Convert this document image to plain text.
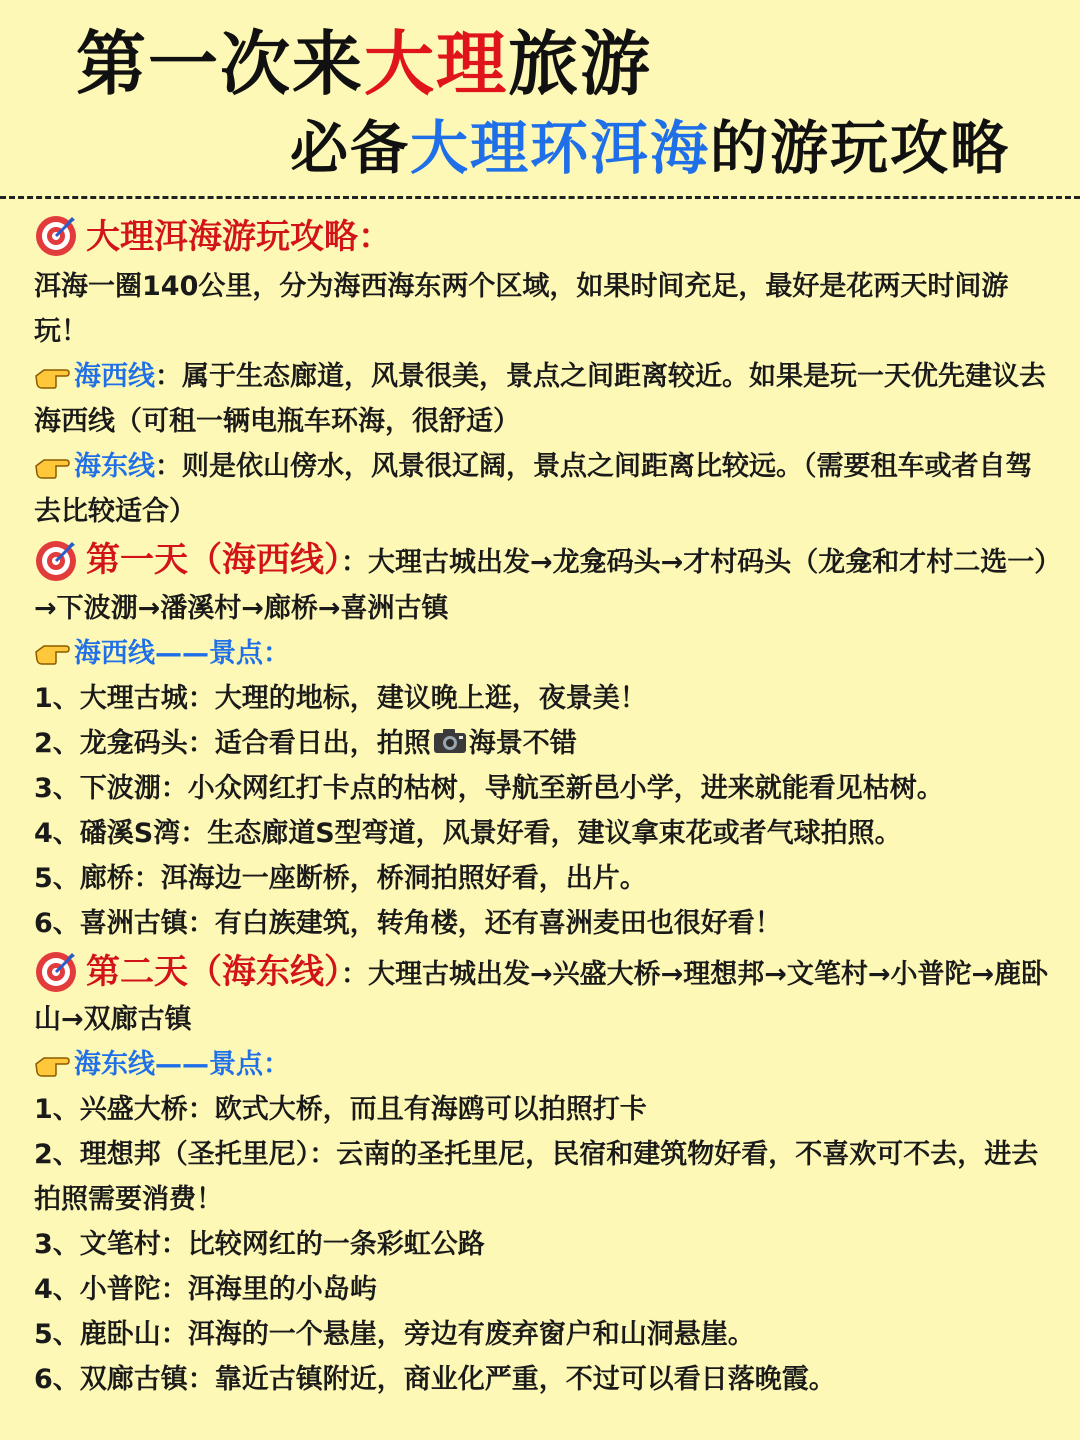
第一次来大理旅游
必备大理环洱海的游玩攻略
大理洱海游玩攻略：

洱海一圈140公里，分为海西海东两个区域，如果时间充足，最好是花两天时间游玩！

海西线：属于生态廊道，风景很美，景点之间距离较近。如果是玩一天优先建议去海西线（可租一辆电瓶车环海，很舒适）

海东线：则是依山傍水，风景很辽阔，景点之间距离比较远。（需要租车或者自驾去比较适合）

第一天（海西线）：大理古城出发→龙龛码头→才村码头（龙龛和才村二选一）→下波淜→潘溪村→廊桥→喜洲古镇

海西线——景点：

1、大理古城：大理的地标，建议晚上逛，夜景美！

2、龙龛码头：适合看日出，拍照 海景不错

3、下波淜：小众网红打卡点的枯树，导航至新邑小学，进来就能看见枯树。

4、磻溪S湾：生态廊道S型弯道，风景好看，建议拿束花或者气球拍照。

5、廊桥：洱海边一座断桥，桥洞拍照好看，出片。

6、喜洲古镇：有白族建筑，转角楼，还有喜洲麦田也很好看！

第二天（海东线）：大理古城出发→兴盛大桥→理想邦→文笔村→小普陀→鹿卧山→双廊古镇

海东线——景点：

1、兴盛大桥：欧式大桥，而且有海鸥可以拍照打卡

2、理想邦（圣托里尼）：云南的圣托里尼，民宿和建筑物好看，不喜欢可不去，进去拍照需要消费！

3、文笔村：比较网红的一条彩虹公路

4、小普陀：洱海里的小岛屿

5、鹿卧山：洱海的一个悬崖，旁边有废弃窗户和山洞悬崖。

6、双廊古镇：靠近古镇附近，商业化严重，不过可以看日落晚霞。
